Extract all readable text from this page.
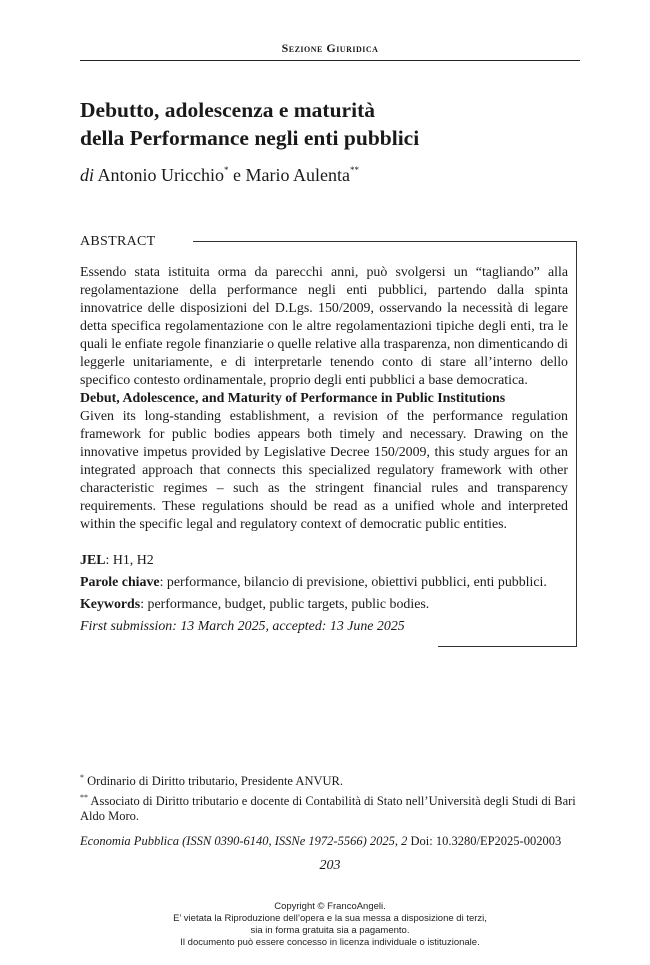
Sezione Giuridica
Debutto, adolescenza e maturità
della Performance negli enti pubblici
di Antonio Uricchio* e Mario Aulenta**
ABSTRACT

Essendo stata istituita orma da parecchi anni, può svolgersi un “tagliando” alla regolamentazione della performance negli enti pubblici, partendo dalla spinta innovatrice delle disposizioni del D.Lgs. 150/2009, osservando la necessità di legare detta specifica regolamentazione con le altre regolamentazioni tipiche degli enti, tra le quali le enfiate regole finanziarie o quelle relative alla trasparenza, non dimenticando di leggerle unitariamente, e di interpretarle tenendo conto di stare all’interno dello specifico contesto ordinamentale, proprio degli enti pubblici a base democratica.

Debut, Adolescence, and Maturity of Performance in Public Institutions

Given its long-standing establishment, a revision of the performance regulation framework for public bodies appears both timely and necessary. Drawing on the innovative impetus provided by Legislative Decree 150/2009, this study argues for an integrated approach that connects this specialized regulatory framework with other characteristic regimes – such as the stringent financial rules and transparency requirements. These regulations should be read as a unified whole and interpreted within the specific legal and regulatory context of democratic public entities.

JEL: H1, H2

Parole chiave: performance, bilancio di previsione, obiettivi pubblici, enti pubblici.

Keywords: performance, budget, public targets, public bodies.

First submission: 13 March 2025, accepted: 13 June 2025

* Ordinario di Diritto tributario, Presidente ANVUR.

** Associato di Diritto tributario e docente di Contabilità di Stato nell’Università degli Studi di Bari Aldo Moro.

Economia Pubblica (ISSN 0390-6140, ISSNe 1972-5566) 2025, 2 Doi: 10.3280/EP2025-002003
203

Copyright © FrancoAngeli.

E’ vietata la Riproduzione dell’opera e la sua messa a disposizione di terzi,

sia in forma gratuita sia a pagamento.

Il documento può essere concesso in licenza individuale o istituzionale.
